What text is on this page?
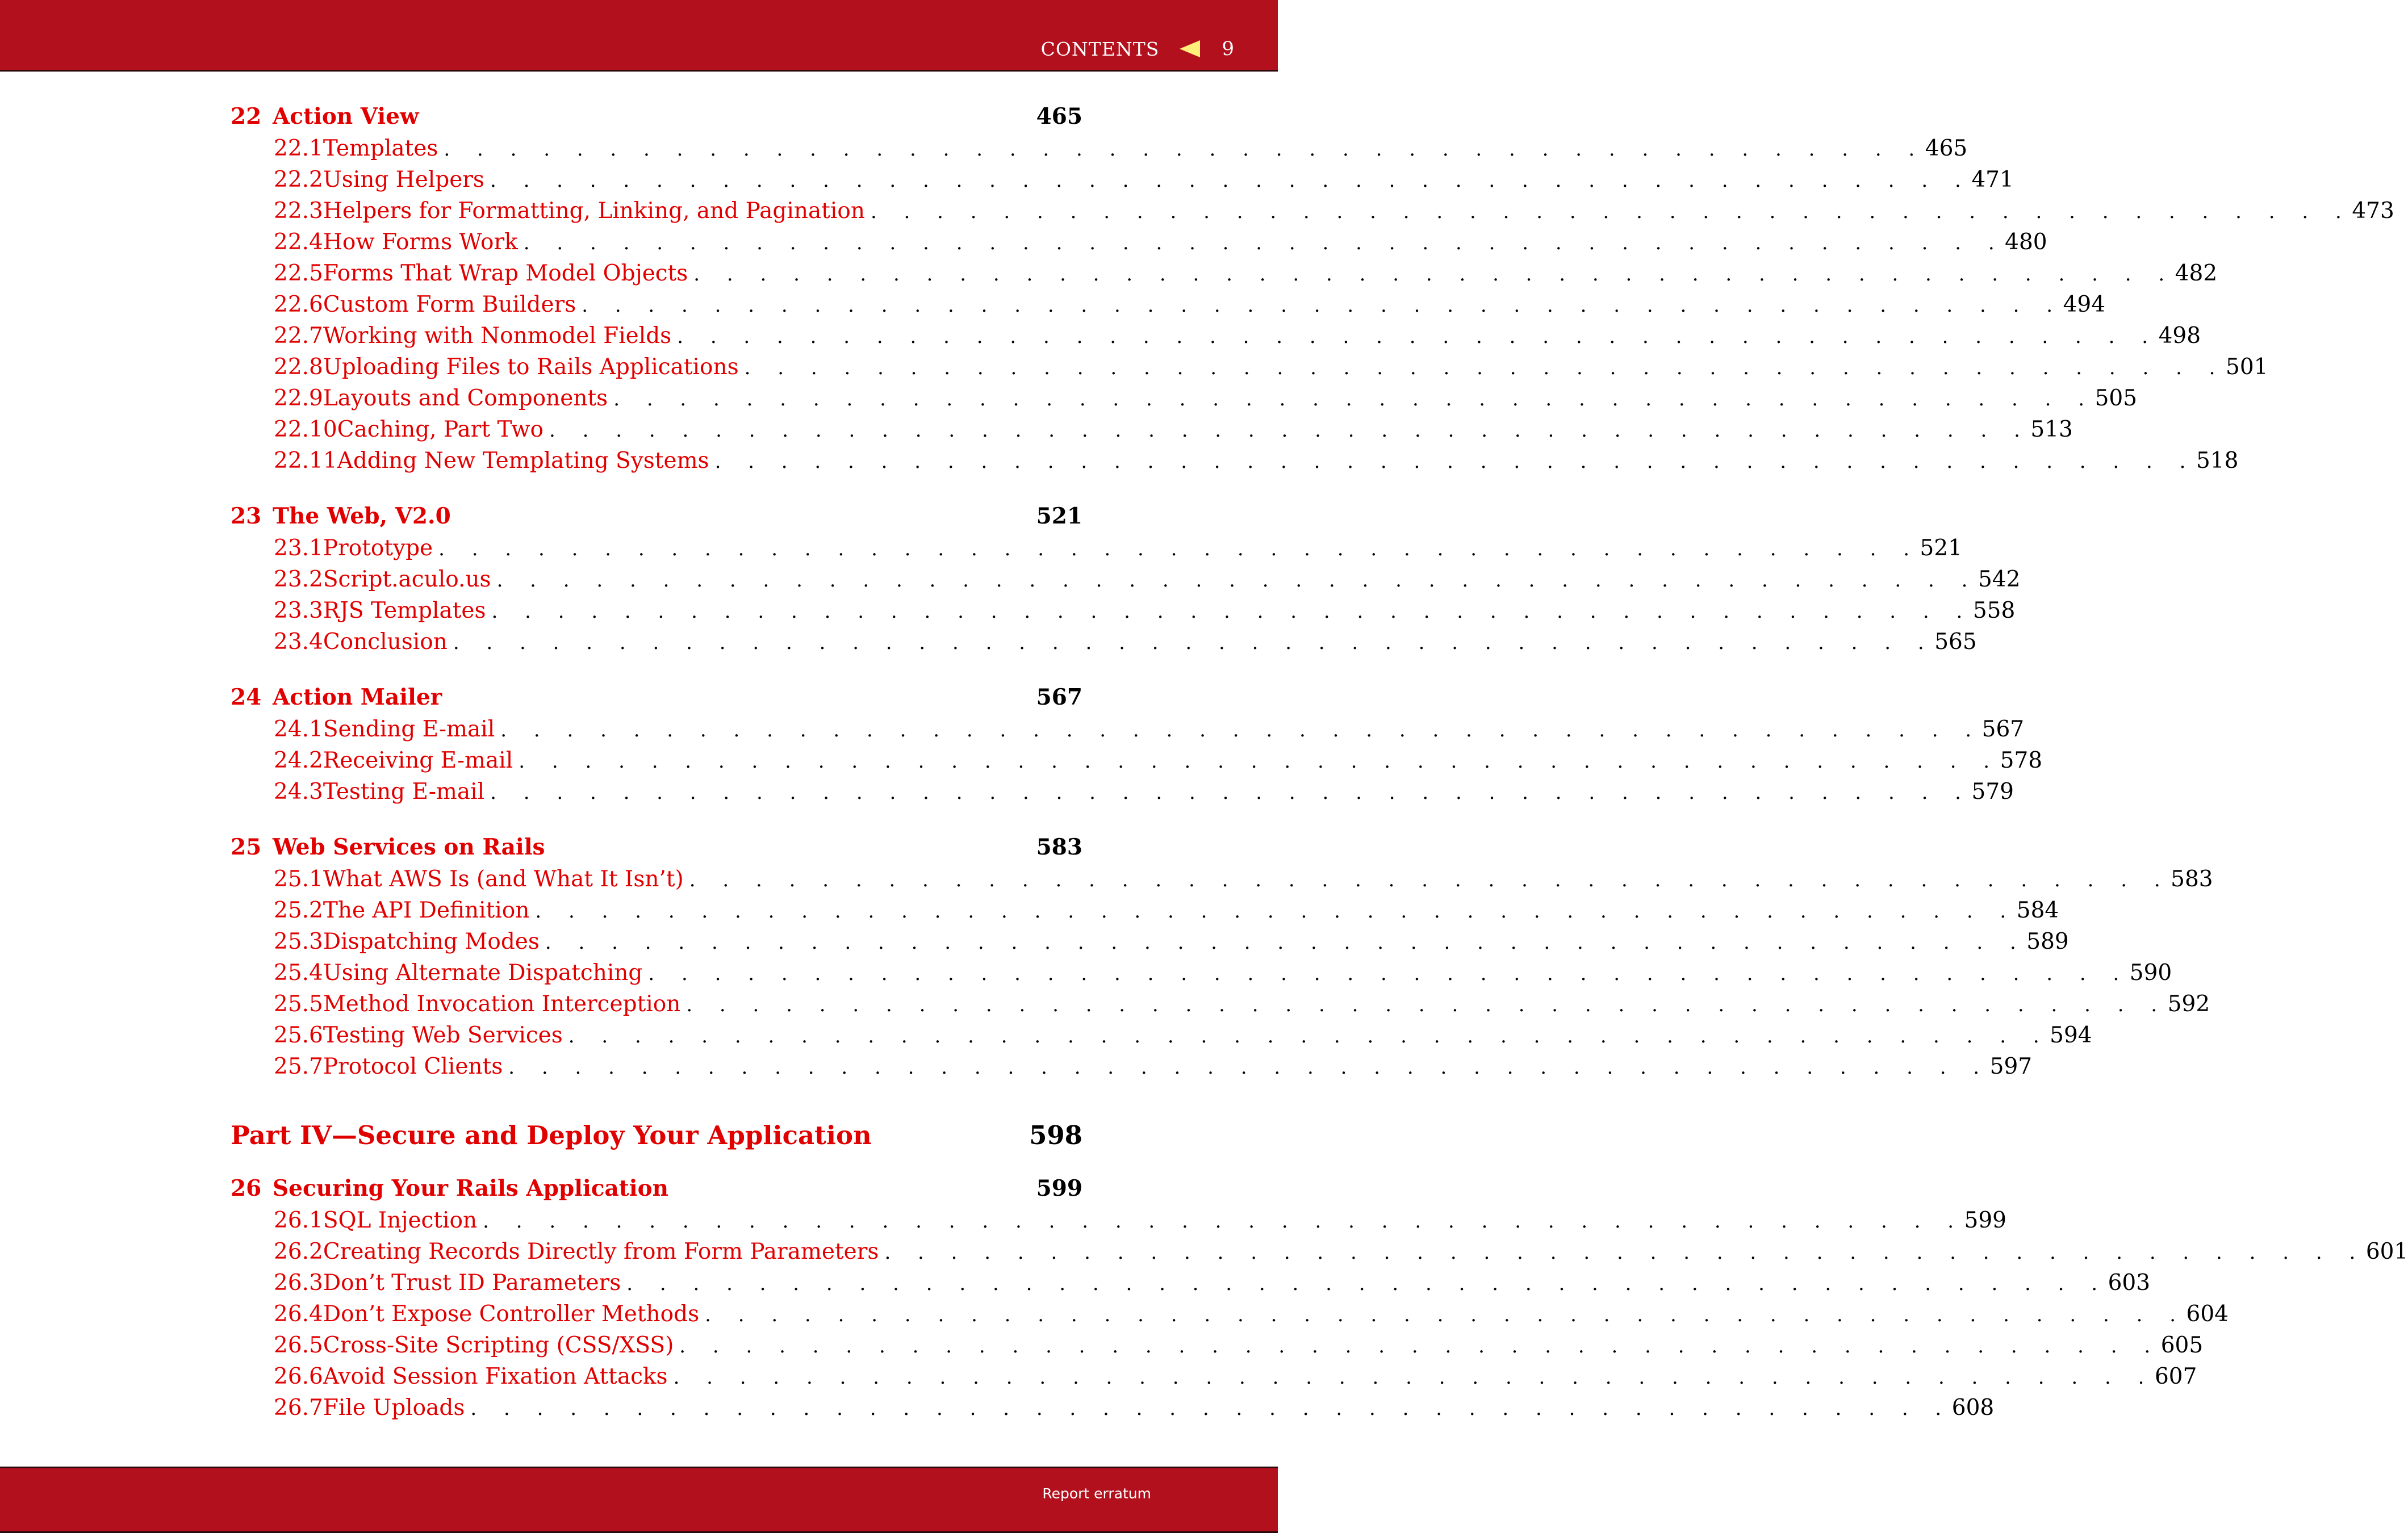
CONTENTS	9
22 Action View	465
22.1 Templates . . . . . . . . . . . . . . . . . . . . . . . . . . . . . . . . . . . . . . . . . . . . . 465
22.2 Using Helpers . . . . . . . . . . . . . . . . . . . . . . . . . . . . . . . . . . . . . . . . . . . . . 471
22.3 Helpers for Formatting, Linking, and Pagination . . . . . . . . . . . . . . . . . . . . . . . . . . . . . . . . . . . . . . . . . . . . . 473
22.4 How Forms Work . . . . . . . . . . . . . . . . . . . . . . . . . . . . . . . . . . . . . . . . . . . . . 480
22.5 Forms That Wrap Model Objects . . . . . . . . . . . . . . . . . . . . . . . . . . . . . . . . . . . . . . . . . . . . . 482
22.6 Custom Form Builders . . . . . . . . . . . . . . . . . . . . . . . . . . . . . . . . . . . . . . . . . . . . . 494
22.7 Working with Nonmodel Fields . . . . . . . . . . . . . . . . . . . . . . . . . . . . . . . . . . . . . . . . . . . . . 498
22.8 Uploading Files to Rails Applications . . . . . . . . . . . . . . . . . . . . . . . . . . . . . . . . . . . . . . . . . . . . . 501
22.9 Layouts and Components . . . . . . . . . . . . . . . . . . . . . . . . . . . . . . . . . . . . . . . . . . . . . 505
22.10 Caching, Part Two . . . . . . . . . . . . . . . . . . . . . . . . . . . . . . . . . . . . . . . . . . . . . 513
22.11 Adding New Templating Systems . . . . . . . . . . . . . . . . . . . . . . . . . . . . . . . . . . . . . . . . . . . . . 518
23 The Web, V2.0	521
23.1 Prototype . . . . . . . . . . . . . . . . . . . . . . . . . . . . . . . . . . . . . . . . . . . . . 521
23.2 Script.aculo.us . . . . . . . . . . . . . . . . . . . . . . . . . . . . . . . . . . . . . . . . . . . . . 542
23.3 RJS Templates . . . . . . . . . . . . . . . . . . . . . . . . . . . . . . . . . . . . . . . . . . . . . 558
23.4 Conclusion . . . . . . . . . . . . . . . . . . . . . . . . . . . . . . . . . . . . . . . . . . . . . 565
24 Action Mailer	567
24.1 Sending E-mail . . . . . . . . . . . . . . . . . . . . . . . . . . . . . . . . . . . . . . . . . . . . . 567
24.2 Receiving E-mail . . . . . . . . . . . . . . . . . . . . . . . . . . . . . . . . . . . . . . . . . . . . . 578
24.3 Testing E-mail . . . . . . . . . . . . . . . . . . . . . . . . . . . . . . . . . . . . . . . . . . . . . 579
25 Web Services on Rails	583
25.1 What AWS Is (and What It Isn’t) . . . . . . . . . . . . . . . . . . . . . . . . . . . . . . . . . . . . . . . . . . . . . 583
25.2 The API Definition . . . . . . . . . . . . . . . . . . . . . . . . . . . . . . . . . . . . . . . . . . . . . 584
25.3 Dispatching Modes . . . . . . . . . . . . . . . . . . . . . . . . . . . . . . . . . . . . . . . . . . . . . 589
25.4 Using Alternate Dispatching . . . . . . . . . . . . . . . . . . . . . . . . . . . . . . . . . . . . . . . . . . . . . 590
25.5 Method Invocation Interception . . . . . . . . . . . . . . . . . . . . . . . . . . . . . . . . . . . . . . . . . . . . . 592
25.6 Testing Web Services . . . . . . . . . . . . . . . . . . . . . . . . . . . . . . . . . . . . . . . . . . . . . 594
25.7 Protocol Clients . . . . . . . . . . . . . . . . . . . . . . . . . . . . . . . . . . . . . . . . . . . . . 597
Part IV—Secure and Deploy Your Application	598
26 Securing Your Rails Application	599
26.1 SQL Injection . . . . . . . . . . . . . . . . . . . . . . . . . . . . . . . . . . . . . . . . . . . . . 599
26.2 Creating Records Directly from Form Parameters . . . . . . . . . . . . . . . . . . . . . . . . . . . . . . . . . . . . . . . . . . . . . 601
26.3 Don’t Trust ID Parameters . . . . . . . . . . . . . . . . . . . . . . . . . . . . . . . . . . . . . . . . . . . . . 603
26.4 Don’t Expose Controller Methods . . . . . . . . . . . . . . . . . . . . . . . . . . . . . . . . . . . . . . . . . . . . . 604
26.5 Cross-Site Scripting (CSS/XSS) . . . . . . . . . . . . . . . . . . . . . . . . . . . . . . . . . . . . . . . . . . . . . 605
26.6 Avoid Session Fixation Attacks . . . . . . . . . . . . . . . . . . . . . . . . . . . . . . . . . . . . . . . . . . . . . 607
26.7 File Uploads . . . . . . . . . . . . . . . . . . . . . . . . . . . . . . . . . . . . . . . . . . . . . 608
Report erratum
